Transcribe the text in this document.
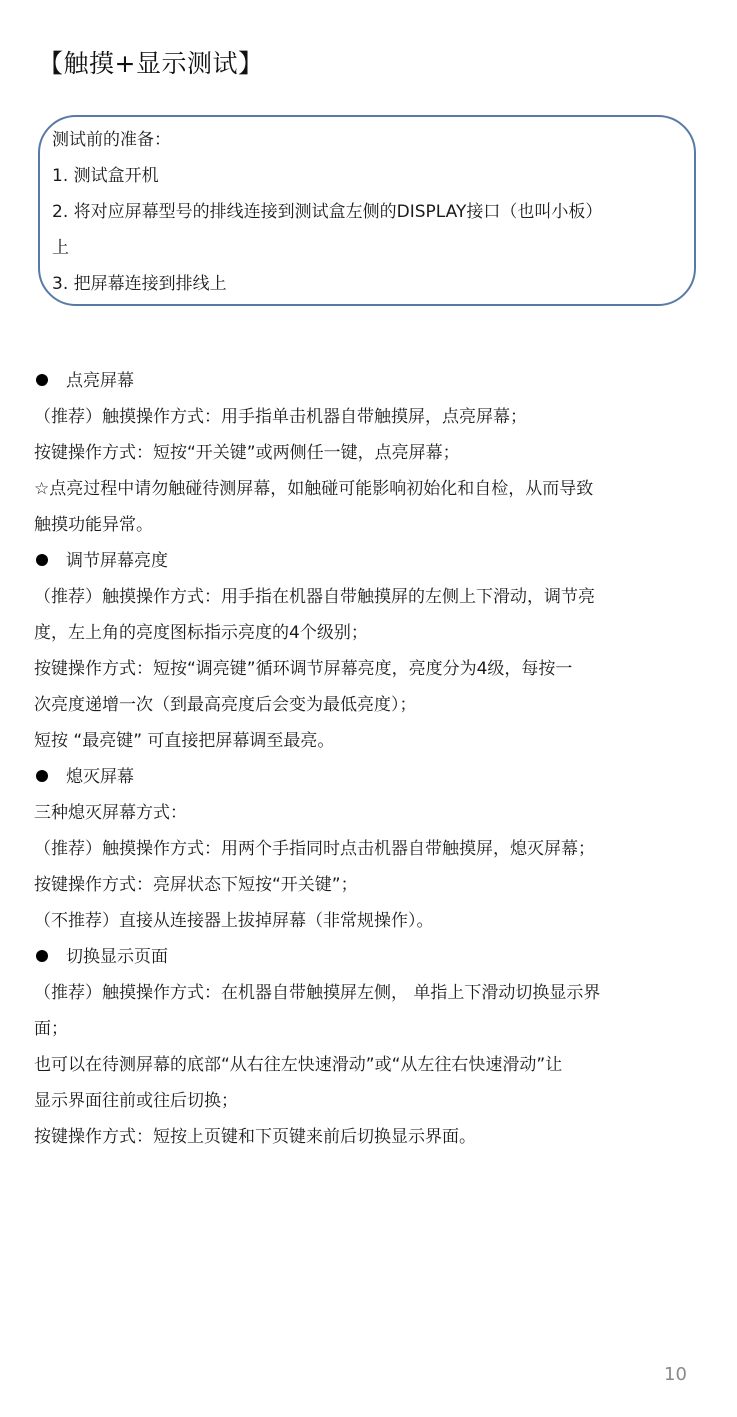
【触摸+显示测试】
测试前的准备：
1. 测试盒开机
2. 将对应屏幕型号的排线连接到测试盒左侧的DISPLAY接口（也叫小板）
上
3. 把屏幕连接到排线上
点亮屏幕
（推荐）触摸操作方式：用手指单击机器自带触摸屏，点亮屏幕；
按键操作方式：短按“开关键”或两侧任一键，点亮屏幕；
☆点亮过程中请勿触碰待测屏幕，如触碰可能影响初始化和自检，从而导致
触摸功能异常。
调节屏幕亮度
（推荐）触摸操作方式：用手指在机器自带触摸屏的左侧上下滑动，调节亮
度，左上角的亮度图标指示亮度的4个级别；
按键操作方式：短按“调亮键”循环调节屏幕亮度，亮度分为4级，每按一
次亮度递增一次（到最高亮度后会变为最低亮度）；
短按 “最亮键” 可直接把屏幕调至最亮。
熄灭屏幕
三种熄灭屏幕方式：
（推荐）触摸操作方式：用两个手指同时点击机器自带触摸屏，熄灭屏幕；
按键操作方式：亮屏状态下短按“开关键”；
（不推荐）直接从连接器上拔掉屏幕（非常规操作）。
切换显示页面
（推荐）触摸操作方式：在机器自带触摸屏左侧， 单指上下滑动切换显示界
面；
也可以在待测屏幕的底部“从右往左快速滑动”或“从左往右快速滑动”让
显示界面往前或往后切换；
按键操作方式：短按上页键和下页键来前后切换显示界面。
10
